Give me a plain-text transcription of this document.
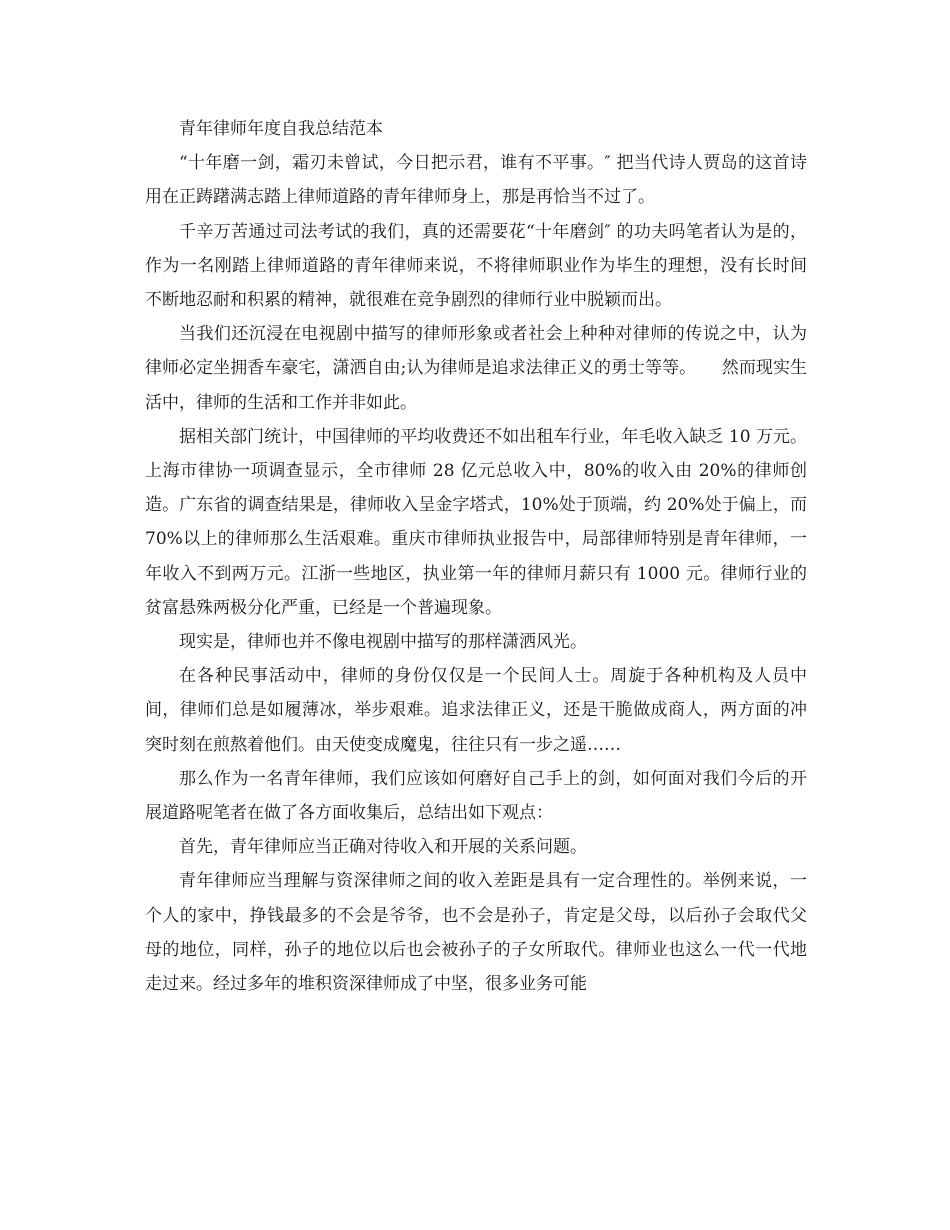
青年律师年度自我总结范本

“十年磨一剑，霜刃未曾试，今日把示君，谁有不平事。″ 把当代诗人贾岛的这首诗用在正踌躇满志踏上律师道路的青年律师身上，那是再恰当不过了。

千辛万苦通过司法考试的我们，真的还需要花“十年磨剑″ 的功夫吗笔者认为是的，作为一名刚踏上律师道路的青年律师来说，不将律师职业作为毕生的理想，没有长时间不断地忍耐和积累的精神，就很难在竞争剧烈的律师行业中脱颖而出。

当我们还沉浸在电视剧中描写的律师形象或者社会上种种对律师的传说之中，认为律师必定坐拥香车豪宅，潇洒自由;认为律师是追求法律正义的勇士等等。　　然而现实生活中，律师的生活和工作并非如此。

据相关部门统计，中国律师的平均收费还不如出租车行业，年毛收入缺乏 10 万元。上海市律协一项调查显示，全市律师 28 亿元总收入中，80%的收入由 20%的律师创造。广东省的调查结果是，律师收入呈金字塔式，10%处于顶端，约 20%处于偏上，而 70%以上的律师那么生活艰难。重庆市律师执业报告中，局部律师特别是青年律师，一年收入不到两万元。江浙一些地区，执业第一年的律师月薪只有 1000 元。律师行业的贫富悬殊两极分化严重，已经是一个普遍现象。

现实是，律师也并不像电视剧中描写的那样潇洒风光。

在各种民事活动中，律师的身份仅仅是一个民间人士。周旋于各种机构及人员中间，律师们总是如履薄冰，举步艰难。追求法律正义，还是干脆做成商人，两方面的冲突时刻在煎熬着他们。由天使变成魔鬼，往往只有一步之遥……

那么作为一名青年律师，我们应该如何磨好自己手上的剑，如何面对我们今后的开展道路呢笔者在做了各方面收集后，总结出如下观点：

首先，青年律师应当正确对待收入和开展的关系问题。

青年律师应当理解与资深律师之间的收入差距是具有一定合理性的。举例来说，一个人的家中，挣钱最多的不会是爷爷，也不会是孙子，肯定是父母，以后孙子会取代父母的地位，同样，孙子的地位以后也会被孙子的子女所取代。律师业也这么一代一代地走过来。经过多年的堆积资深律师成了中坚，很多业务可能
